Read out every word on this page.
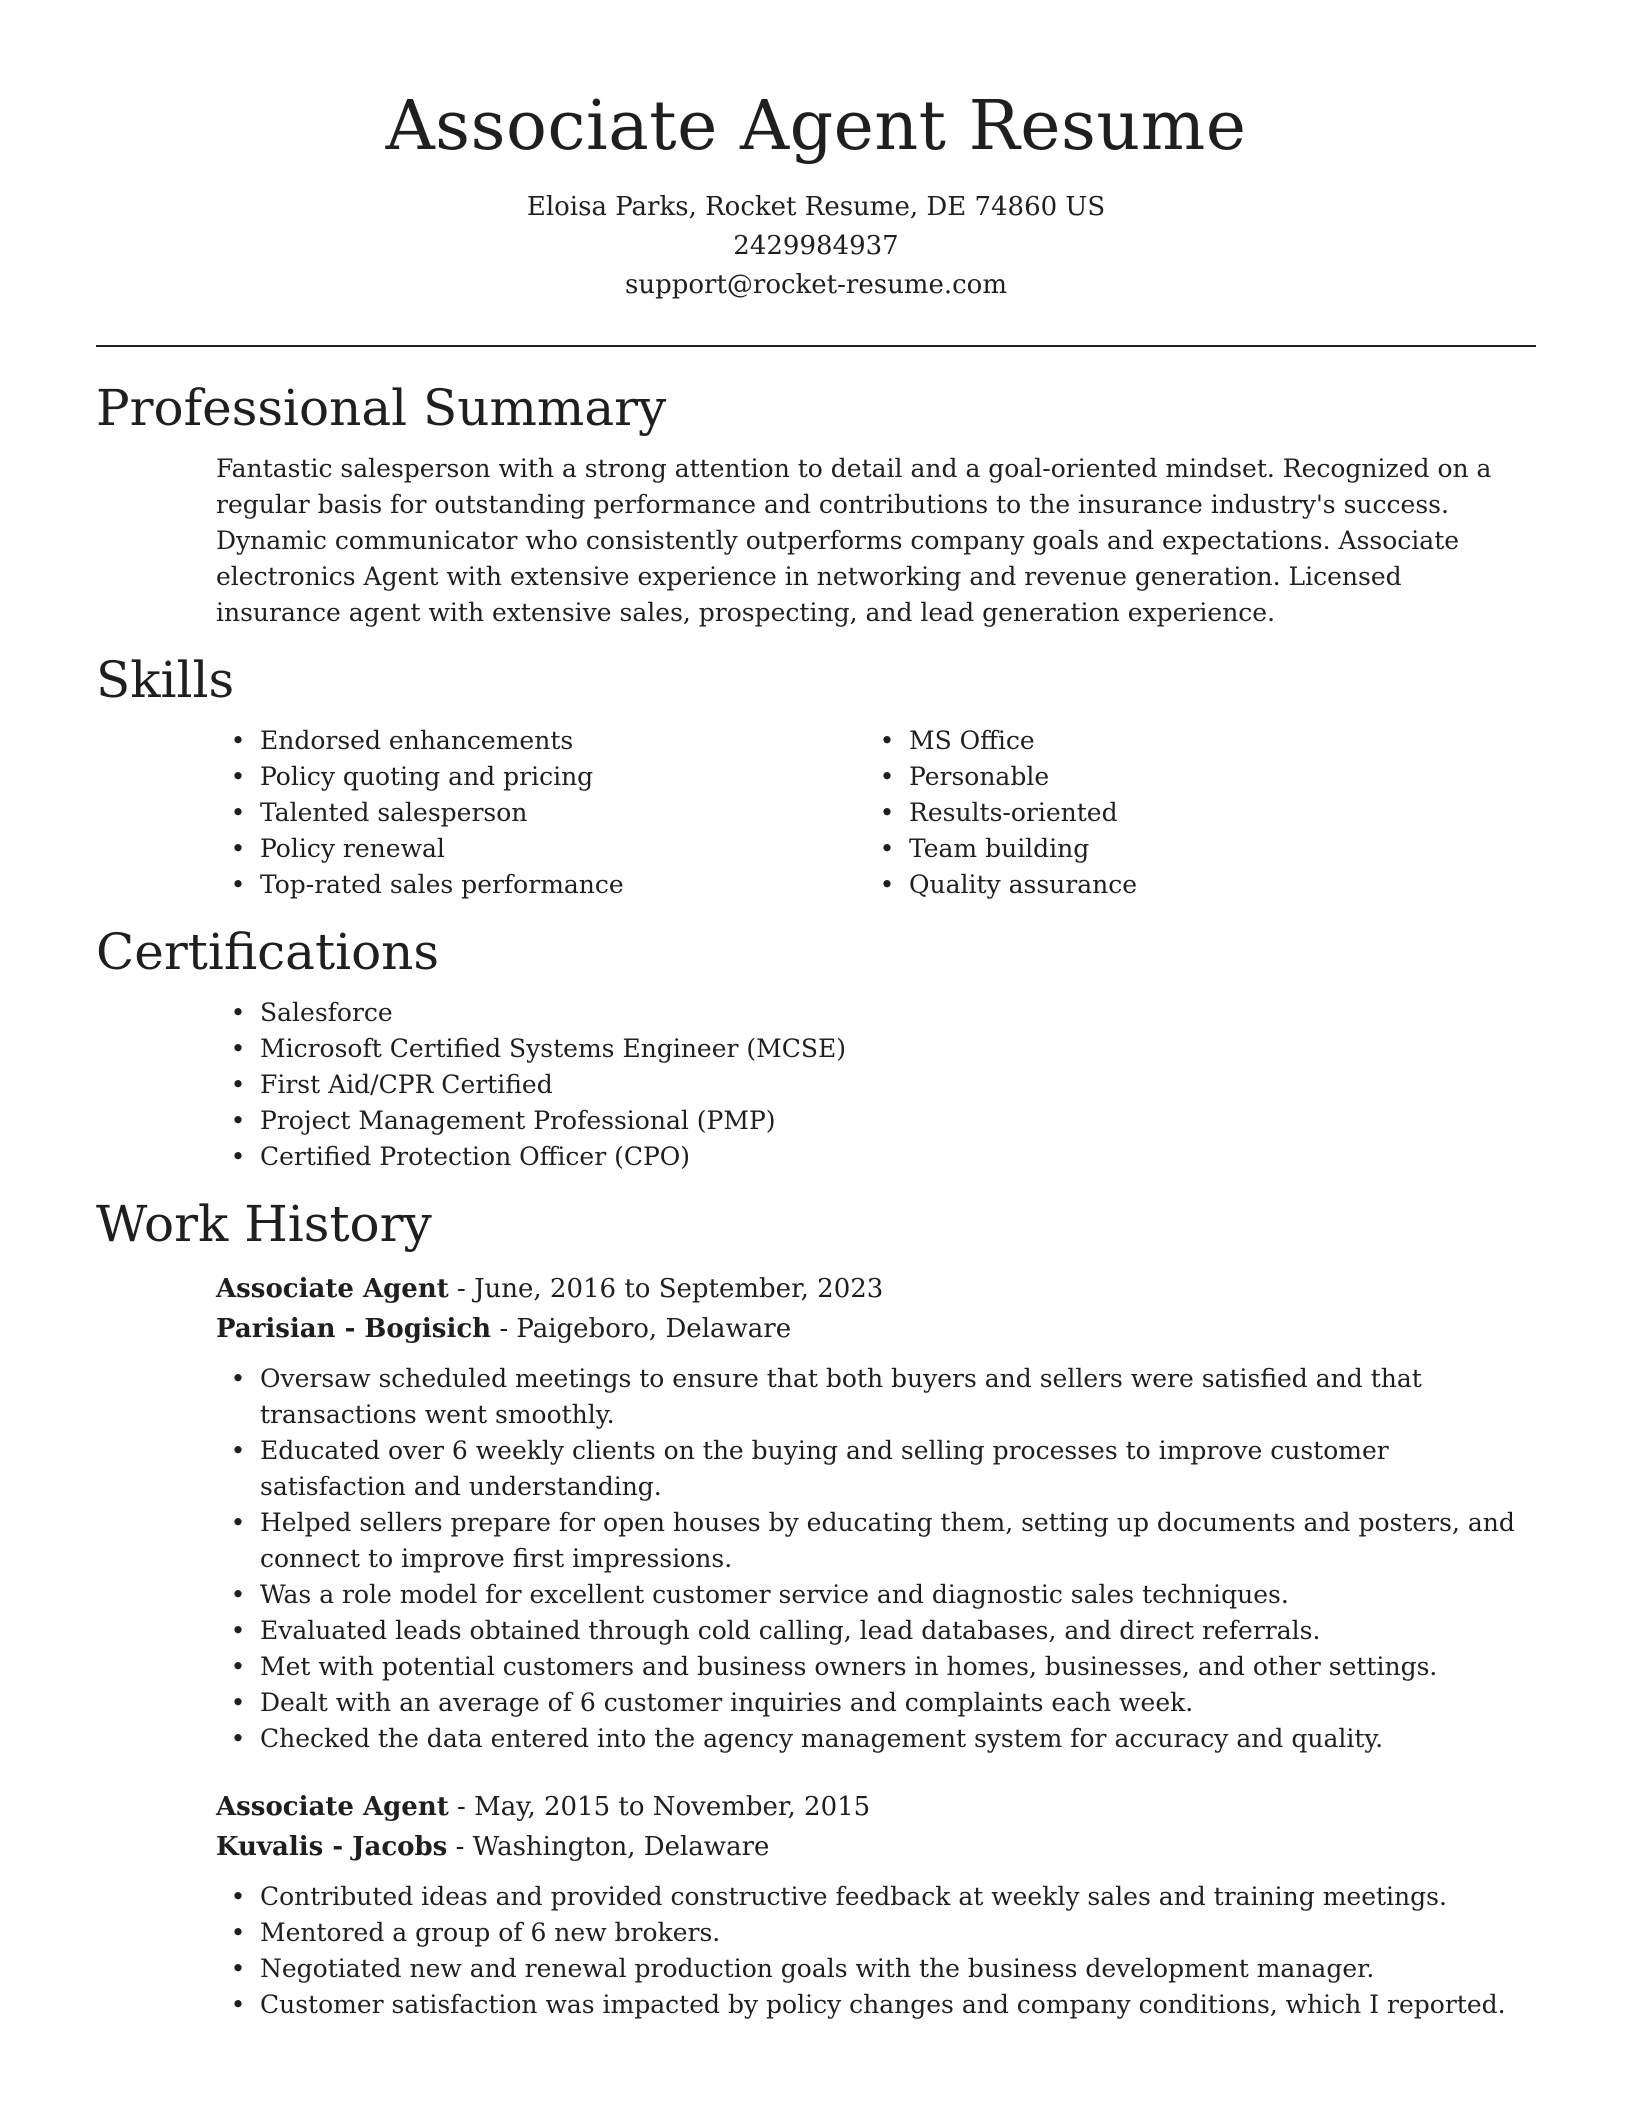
Associate Agent Resume
Eloisa Parks, Rocket Resume, DE 74860 US
2429984937
support@rocket-resume.com
Professional Summary

Fantastic salesperson with a strong attention to detail and a goal-oriented mindset. Recognized on a regular basis for outstanding performance and contributions to the insurance industry's success. Dynamic communicator who consistently outperforms company goals and expectations. Associate electronics Agent with extensive experience in networking and revenue generation. Licensed insurance agent with extensive sales, prospecting, and lead generation experience.

Skills
• Endorsed enhancements
• Policy quoting and pricing
• Talented salesperson
• Policy renewal
• Top-rated sales performance
• MS Office
• Personable
• Results-oriented
• Team building
• Quality assurance
Certifications
• Salesforce
• Microsoft Certified Systems Engineer (MCSE)
• First Aid/CPR Certified
• Project Management Professional (PMP)
• Certified Protection Officer (CPO)
Work History
Associate Agent - June, 2016 to September, 2023
Parisian - Bogisich - Paigeboro, Delaware
• Oversaw scheduled meetings to ensure that both buyers and sellers were satisfied and that transactions went smoothly.
• Educated over 6 weekly clients on the buying and selling processes to improve customer satisfaction and understanding.
• Helped sellers prepare for open houses by educating them, setting up documents and posters, and connect to improve first impressions.
• Was a role model for excellent customer service and diagnostic sales techniques.
• Evaluated leads obtained through cold calling, lead databases, and direct referrals.
• Met with potential customers and business owners in homes, businesses, and other settings.
• Dealt with an average of 6 customer inquiries and complaints each week.
• Checked the data entered into the agency management system for accuracy and quality.
Associate Agent - May, 2015 to November, 2015
Kuvalis - Jacobs - Washington, Delaware
• Contributed ideas and provided constructive feedback at weekly sales and training meetings.
• Mentored a group of 6 new brokers.
• Negotiated new and renewal production goals with the business development manager.
• Customer satisfaction was impacted by policy changes and company conditions, which I reported.
